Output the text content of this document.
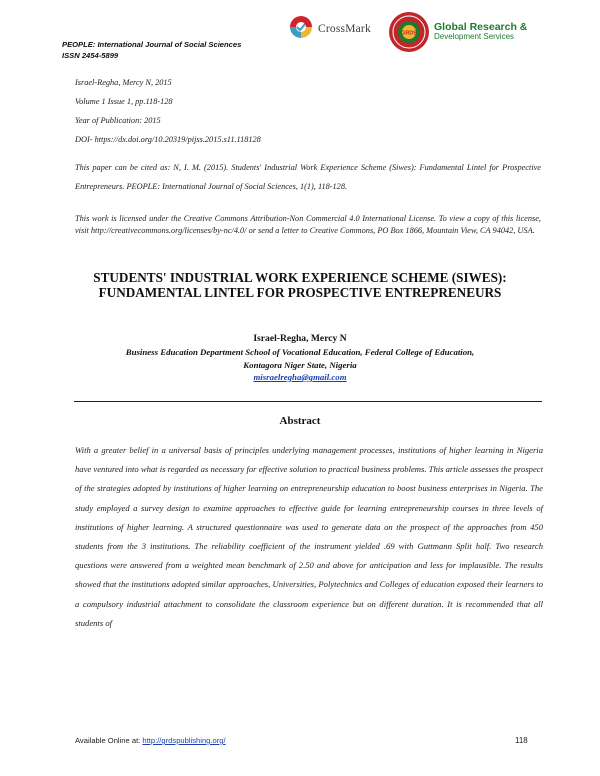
PEOPLE: International Journal of Social Sciences
ISSN 2454-5899
CrossMark	GRDS
Global Research &
Development Services
Israel-Regha, Mercy N, 2015
Volume 1 Issue 1, pp.118-128
Year of Publication: 2015
DOI- https://dx.doi.org/10.20319/pijss.2015.s11.118128
This paper can be cited as: N, I. M. (2015). Students' Industrial Work Experience Scheme (Siwes): Fundamental Lintel for Prospective Entrepreneurs. PEOPLE: International Journal of Social Sciences, 1(1), 118-128.
This work is licensed under the Creative Commons Attribution-Non Commercial 4.0 International License. To view a copy of this license, visit http://creativecommons.org/licenses/by-nc/4.0/ or send a letter to Creative Commons, PO Box 1866, Mountain View, CA 94042, USA.
STUDENTS' INDUSTRIAL WORK EXPERIENCE SCHEME (SIWES): FUNDAMENTAL LINTEL FOR PROSPECTIVE ENTREPRENEURS
Israel-Regha, Mercy N
Business Education Department School of Vocational Education, Federal College of Education,
Kontagora Niger State, Nigeria
misraelregha@gmail.com
Abstract
With a greater belief in a universal basis of principles underlying management processes, institutions of higher learning in Nigeria have ventured into what is regarded as necessary for effective solution to practical business problems. This article assesses the prospect of the strategies adopted by institutions of higher learning on entrepreneurship education to boost business enterprises in Nigeria. The study employed a survey design to examine approaches to effective guide for learning entrepreneurship courses in three levels of institutions of higher learning. A structured questionnaire was used to generate data on the prospect of the approaches from 450 students from the 3 institutions. The reliability coefficient of the instrument yielded .69 with Guttmann Split half. Two research questions were answered from a weighted mean benchmark of 2.50 and above for anticipation and less for implausible. The results showed that the institutions adopted similar approaches, Universities, Polytechnics and Colleges of education exposed their learners to a compulsory industrial attachment to consolidate the classroom experience but on different duration. It is recommended that all students of
Available Online at: http://grdspublishing.org/	118
